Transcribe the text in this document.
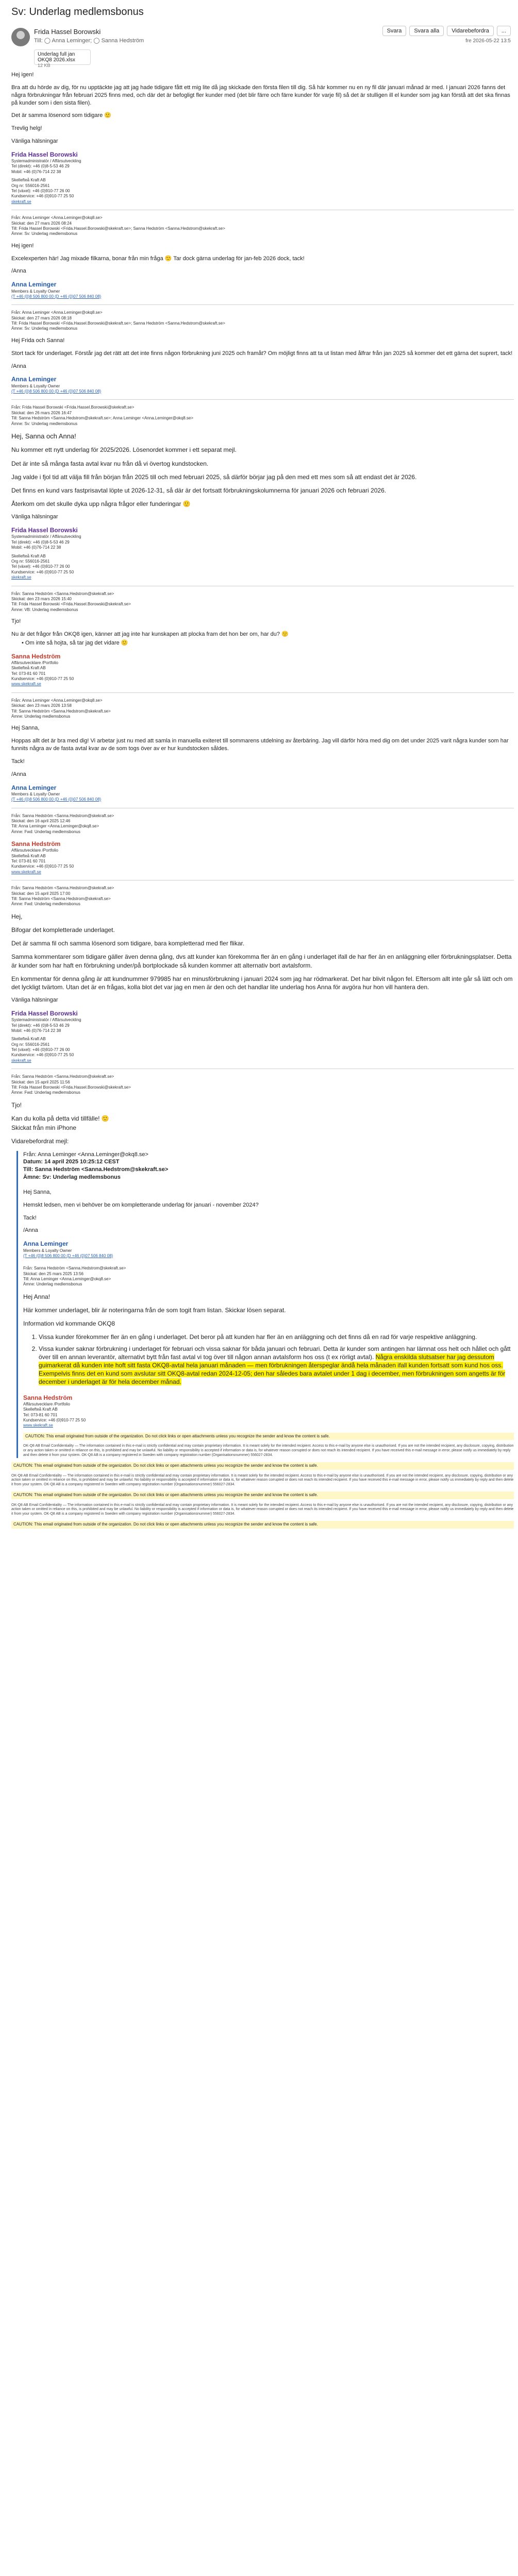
Sv: Underlag medlemsbonus
Frida Hassel Borowski
Till: ◯ Anna Leminger; ◯ Sanna Hedström
Svara	Svara alla	Vidarebefordra	...
fre 2026-05-22 13:5
Underlag full jan OKQ8 2026.xlsx
12 KB
Hej igen!
Bra att du hörde av dig, för nu upptäckte jag att jag hade tidigare fått ett mig lite då jag skickade den första filen till dig. Så här kommer nu en ny fil där januari månad är med. I januari 2026 fanns det några förbrukningar från februari 2025 finns med, och där det är befogligt fler kunder med (det blir färre och färre kunder för varje fil) så det är stulligen ill el kunder som jag kan förstå att det ska finnas på kunder som i den sista filen).
Det är samma lösenord som tidigare 🙂
Trevlig helg!
Vänliga hälsningar
Frida Hassel Borowski
Systemadministratör / Affärsutveckling
Tel (direkt): +46 (0)8-5-53 46 29
Mobil: +46 (0)76-714 22 38
Skellefteå Kraft AB
Org nr: 556016-2561
Tel (växel): +46 (0)910-77 26 00
Kundservice: +46 (0)910-77 25 50
skekraft.se
Från: Anna Leminger <Anna.Leminger@okq8.se>
Skickat: den 27 mars 2026 08:24
Till: Frida Hassel Borowski <Frida.Hassel.Borowski@skekraft.se>; Sanna Hedström <Sanna.Hedstrom@skekraft.se>
Ämne: Sv: Underlag medlemsbonus
Hej igen!
Excelexperten här! Jag mixade filkarna, bonar från min fråga 🙂 Tar dock gärna underlag för jan-feb 2026 dock, tack!
/Anna
Anna Leminger
Members & Loyalty Owner
(T +46 (0)8 506 800 00 (D +46 (0)07 506 840 08)
Från: Anna Leminger <Anna.Leminger@okq8.se>
Skickat: den 27 mars 2026 08:18
Till: Frida Hassel Borowski <Frida.Hassel.Borowski@skekraft.se>; Sanna Hedström <Sanna.Hedstrom@skekraft.se>
Ämne: Sv: Underlag medlemsbonus
Hej Frida och Sanna!
Stort tack för underlaget. Förstår jag det rätt att det inte finns någon förbrukning juni 2025 och framåt? Om möjligt finns att ta ut listan med ålfrar från jan 2025 så kommer det ett gärna det suprert, tack!
/Anna
Anna Leminger
Members & Loyalty Owner
(T +46 (0)8 506 800 00 (D +46 (0)07 506 840 08)
Från: Frida Hassel Borowski <Frida.Hassel.Borowski@skekraft.se>
Skickat: den 26 mars 2026 16:47
Till: Sanna Hedström <Sanna.Hedstrom@skekraft.se>; Anna Leminger <Anna.Leminger@okq8.se>
Ämne: Sv: Underlag medlemsbonus
Hej, Sanna och Anna!
Nu kommer ett nytt underlag för 2025/2026. Lösenordet kommer i ett separat mejl.
Det är inte så många fasta avtal kvar nu från då vi övertog kundstocken.
Jag valde i fjol tid att välja fill från början från 2025 till och med februari 2025, så därför börjar jag på den med ett mes som så att endast det är 2026.
Det finns en kund vars fastprisavtal löpte ut 2026-12-31, så där är det fortsatt förbrukningskolumnerna för januari 2026 och februari 2026.
Återkom om det skulle dyka upp några frågor eller funderingar 🙂
Vänliga hälsningar
Frida Hassel Borowski
Systemadministratör / Affärsutveckling
Tel (direkt): +46 (0)8-5-53 46 29
Mobil: +46 (0)76-714 22 38
Skellefteå Kraft AB
Org nr: 556016-2561
Tel (växel): +46 (0)910-77 26 00
Kundservice: +46 (0)910-77 25 50
skekraft.se
Från: Sanna Hedström <Sanna.Hedstrom@skekraft.se>
Skickat: den 23 mars 2026 15:40
Till: Frida Hassel Borowski <Frida.Hassel.Borowski@skekraft.se>
Ämne: VB: Underlag medlemsbonus
Tjo!
Nu är det frågor från OKQ8 igen, känner att jag inte har kunskapen att plocka fram det hon ber om, har du? 🙂
• Om inte så hojta, så tar jag det vidare 🙂
Sanna Hedström
Affärsutvecklare /Portfolio
Skellefteå Kraft AB
Tel: 073-81 60 701
Kundservice: +46 (0)910-77 25 50
www.skekraft.se
Från: Anna Leminger <Anna.Leminger@okq8.se>
Skickat: den 23 mars 2026 13:58
Till: Sanna Hedström <Sanna.Hedstrom@skekraft.se>
Ämne: Underlag medlemsbonus
Hej Sanna,
Hoppas allt det är bra med dig! Vi arbetar just nu med att samla in manuella exiteret till sommarens utdelning av återbäring. Jag vill därför höra med dig om det under 2025 varit några kunder som har funnits några av de fasta avtal kvar av de som togs över av er hur kundstocken såldes.
Tack!
/Anna
Anna Leminger
Members & Loyalty Owner
(T +46 (0)8 506 800 00 (D +46 (0)07 506 840 08)
Från: Sanna Hedström <Sanna.Hedstrom@skekraft.se>
Skickat: den 16 april 2025 12:46
Till: Anna Leminger <Anna.Leminger@okq8.se>
Ämne: Fwd: Underlag medlemsbonus
Sanna Hedström
Affärsutvecklare /Portfolio
Skellefteå Kraft AB
Tel: 073-81 60 701
Kundservice: +46 (0)910-77 25 50
www.skekraft.se
Från: Sanna Hedström <Sanna.Hedstrom@skekraft.se>
Skickat: den 15 april 2025 17:00
Till: Sanna Hedström <Sanna.Hedstrom@skekraft.se>
Ämne: Fwd: Underlag medlemsbonus
Hej,
Bifogar det kompletterade underlaget.
Det är samma fil och samma lösenord som tidigare, bara kompletterad med fler flikar.
Samma kommentarer som tidigare gäller även denna gång, dvs att kunder kan förekomma fler än en gång i underlaget ifall de har fler än en anläggning eller förbrukningsplatser. Detta är kunder som har haft en förbrukning under/på bortplockade så kunden kommer att alternativ bort avtalsform.
En kommentar för denna gång är att kundnummer 979985 har en minusförbrukning i januari 2024 som jag har rödmarkerat. Det har blivit någon fel. Eftersom allt inte går så lätt och om det lyckligt tvärtom. Utan det är en frågas, kolla blot det var jag en men är den och det handlar lite underlag hos Anna för avgöra hur hon vill hantera den.
Vänliga hälsningar
Frida Hassel Borowski
Systemadministratör / Affärsutveckling
Tel (direkt): +46 (0)8-5-53 46 29
Mobil: +46 (0)76-714 22 38
Skellefteå Kraft AB
Org nr: 556016-2561
Tel (växel): +46 (0)910-77 26 00
Kundservice: +46 (0)910-77 25 50
skekraft.se
Från: Sanna Hedström <Sanna.Hedstrom@skekraft.se>
Skickat: den 15 april 2025 11:56
Till: Frida Hassel Borowski <Frida.Hassel.Borowski@skekraft.se>
Ämne: Fwd: Underlag medlemsbonus
Tjo!
Kan du kolla på detta vid tillfälle! 🙂
Skickat från min iPhone
Vidarebefordrat mejl:
Från: Anna Leminger <Anna.Leminger@okq8.se>
Datum: 14 april 2025 10:25:12 CEST
Till: Sanna Hedström <Sanna.Hedstrom@skekraft.se>
Ämne: Sv: Underlag medlemsbonus
Hej Sanna,
Hemskt ledsen, men vi behöver be om kompletterande underlag för januari - november 2024?
Tack!
/Anna
Anna Leminger
Members & Loyalty Owner
(T +46 (0)8 506 800 00 (D +46 (0)07 506 840 08)
Från: Sanna Hedström <Sanna.Hedstrom@skekraft.se>
Skickat: den 25 mars 2025 13:56
Till: Anna Leminger <Anna.Leminger@okq8.se>
Ämne: Underlag medlemsbonus
Hej Anna!
Här kommer underlaget, blir är noteringarna från de som togit fram listan. Skickar lösen separat.
Information vid kommande OKQ8
1. Vissa kunder förekommer fler än en gång i underlaget. Det beror på att kunden har fler än en anläggning och det finns då en rad för varje respektive anläggning.
2. Vissa kunder saknar förbrukning i underlaget för februari och vissa saknar för båda januari och februari. Detta är kunder som antingen har lämnat oss helt och hållet och gått över till en annan leverantör, alternativt bytt från fast avtal vi tog över till någon annan avtalsform hos oss (t ex rörligt avtal). Några enskilda slutsatser har jag dessutom guimarkerat då kunden inte hoft sitt fasta OKQ8-avtal hela januari månaden — men förbrukningen återspeglar ändå hela månaden ifall kunden fortsatt som kund hos oss. Exempelvis finns det en kund som avslutar sitt OKQ8-avtal redan 2024-12-05; den har således bara avtalet under 1 dag i december, men förbrukningen som angetts är för december i underlaget är för hela december månad.
Sanna Hedström
Affärsutvecklare /Portfolio
Skellefteå Kraft AB
Tel: 073-81 60 701
Kundservice: +46 (0)910-77 25 50
www.skekraft.se
CAUTION: This email originated from outside of the organization. Do not click links or open attachments unless you recognize the sender and know the content is safe.
OK-Q8 AB Email Confidentiality — The information contained in this e-mail is strictly confidential and may contain proprietary information. It is meant solely for the intended recipient. Access to this e-mail by anyone else is unauthorised. If you are not the intended recipient, any disclosure, copying, distribution or any action taken or omitted in reliance on this, is prohibited and may be unlawful. No liability or responsibility is accepted if information or data is, for whatever reason corrupted or does not reach its intended recipient. If you have received this e-mail message in error, please notify us immediately by reply and then delete it from your system. OK-Q8 AB is a company registered in Sweden with company registration number (Organisationsnummer) 556027-2834.
CAUTION: This email originated from outside of the organization. Do not click links or open attachments unless you recognize the sender and know the content is safe.
OK-Q8 AB Email Confidentiality — The information contained in this e-mail is strictly confidential and may contain proprietary information. It is meant solely for the intended recipient. Access to this e-mail by anyone else is unauthorised. If you are not the intended recipient, any disclosure, copying, distribution or any action taken or omitted in reliance on this, is prohibited and may be unlawful. No liability or responsibility is accepted if information or data is, for whatever reason corrupted or does not reach its intended recipient. If you have received this e-mail message in error, please notify us immediately by reply and then delete it from your system. OK-Q8 AB is a company registered in Sweden with company registration number (Organisationsnummer) 556027-2834.
CAUTION: This email originated from outside of the organization. Do not click links or open attachments unless you recognize the sender and know the content is safe.
OK-Q8 AB Email Confidentiality — The information contained in this e-mail is strictly confidential and may contain proprietary information. It is meant solely for the intended recipient. Access to this e-mail by anyone else is unauthorised. If you are not the intended recipient, any disclosure, copying, distribution or any action taken or omitted in reliance on this, is prohibited and may be unlawful. No liability or responsibility is accepted if information or data is, for whatever reason corrupted or does not reach its intended recipient. If you have received this e-mail message in error, please notify us immediately by reply and then delete it from your system. OK-Q8 AB is a company registered in Sweden with company registration number (Organisationsnummer) 556027-2834.
CAUTION: This email originated from outside of the organization. Do not click links or open attachments unless you recognize the sender and know the content is safe.
